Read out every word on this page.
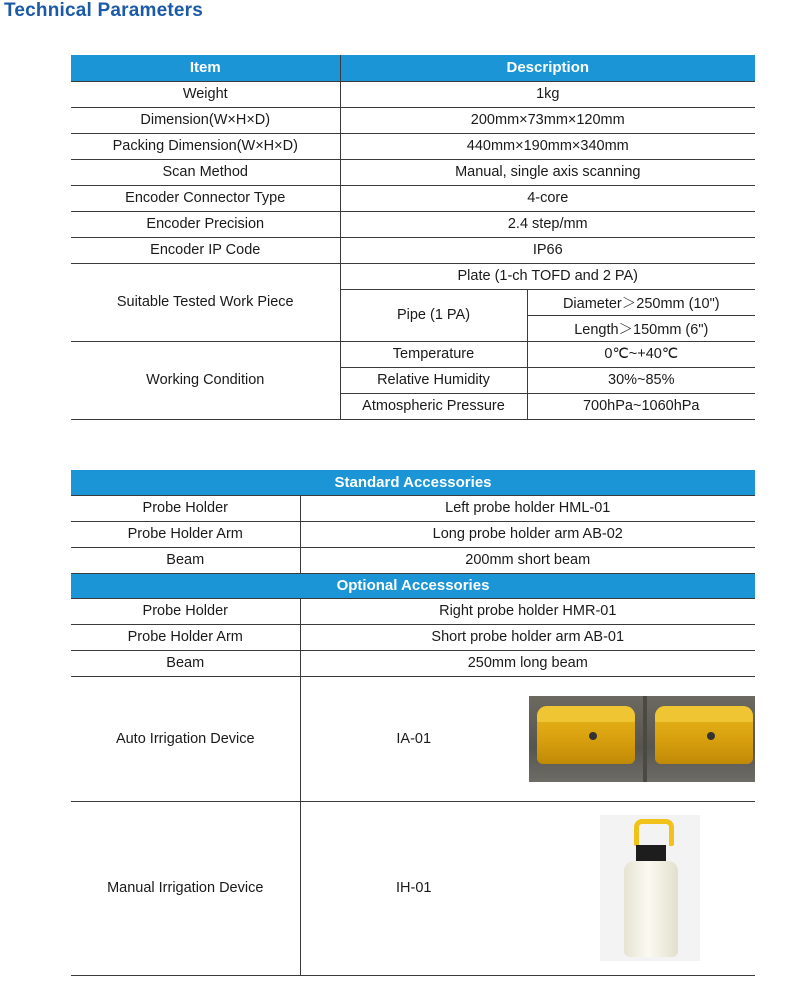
Technical Parameters
Item	Description	
Weight	1kg	
Dimension(W×H×D)	200mm×73mm×120mm	
Packing Dimension(W×H×D)	440mm×190mm×340mm	
Scan Method	Manual, single axis scanning	
Encoder Connector Type	4-core	
Encoder Precision	2.4 step/mm	
Encoder IP Code	IP66	
Suitable Tested Work Piece	Plate (1-ch TOFD and 2 PA)	
	Pipe (1 PA)	Diameter＞250mm (10")
		Length＞150mm (6")
Working Condition	Temperature	0℃~+40℃
	Relative Humidity	30%~85%
	Atmospheric Pressure	700hPa~1060hPa
Standard Accessories		
Probe Holder	Left probe holder HML-01	
Probe Holder Arm	Long probe holder arm AB-02	
Beam	200mm short beam	
Optional Accessories		
Probe Holder	Right probe holder HMR-01	
Probe Holder Arm	Short probe holder arm AB-01	
Beam	250mm long beam	
Auto Irrigation Device	IA-01	

Manual Irrigation Device	IH-01	
